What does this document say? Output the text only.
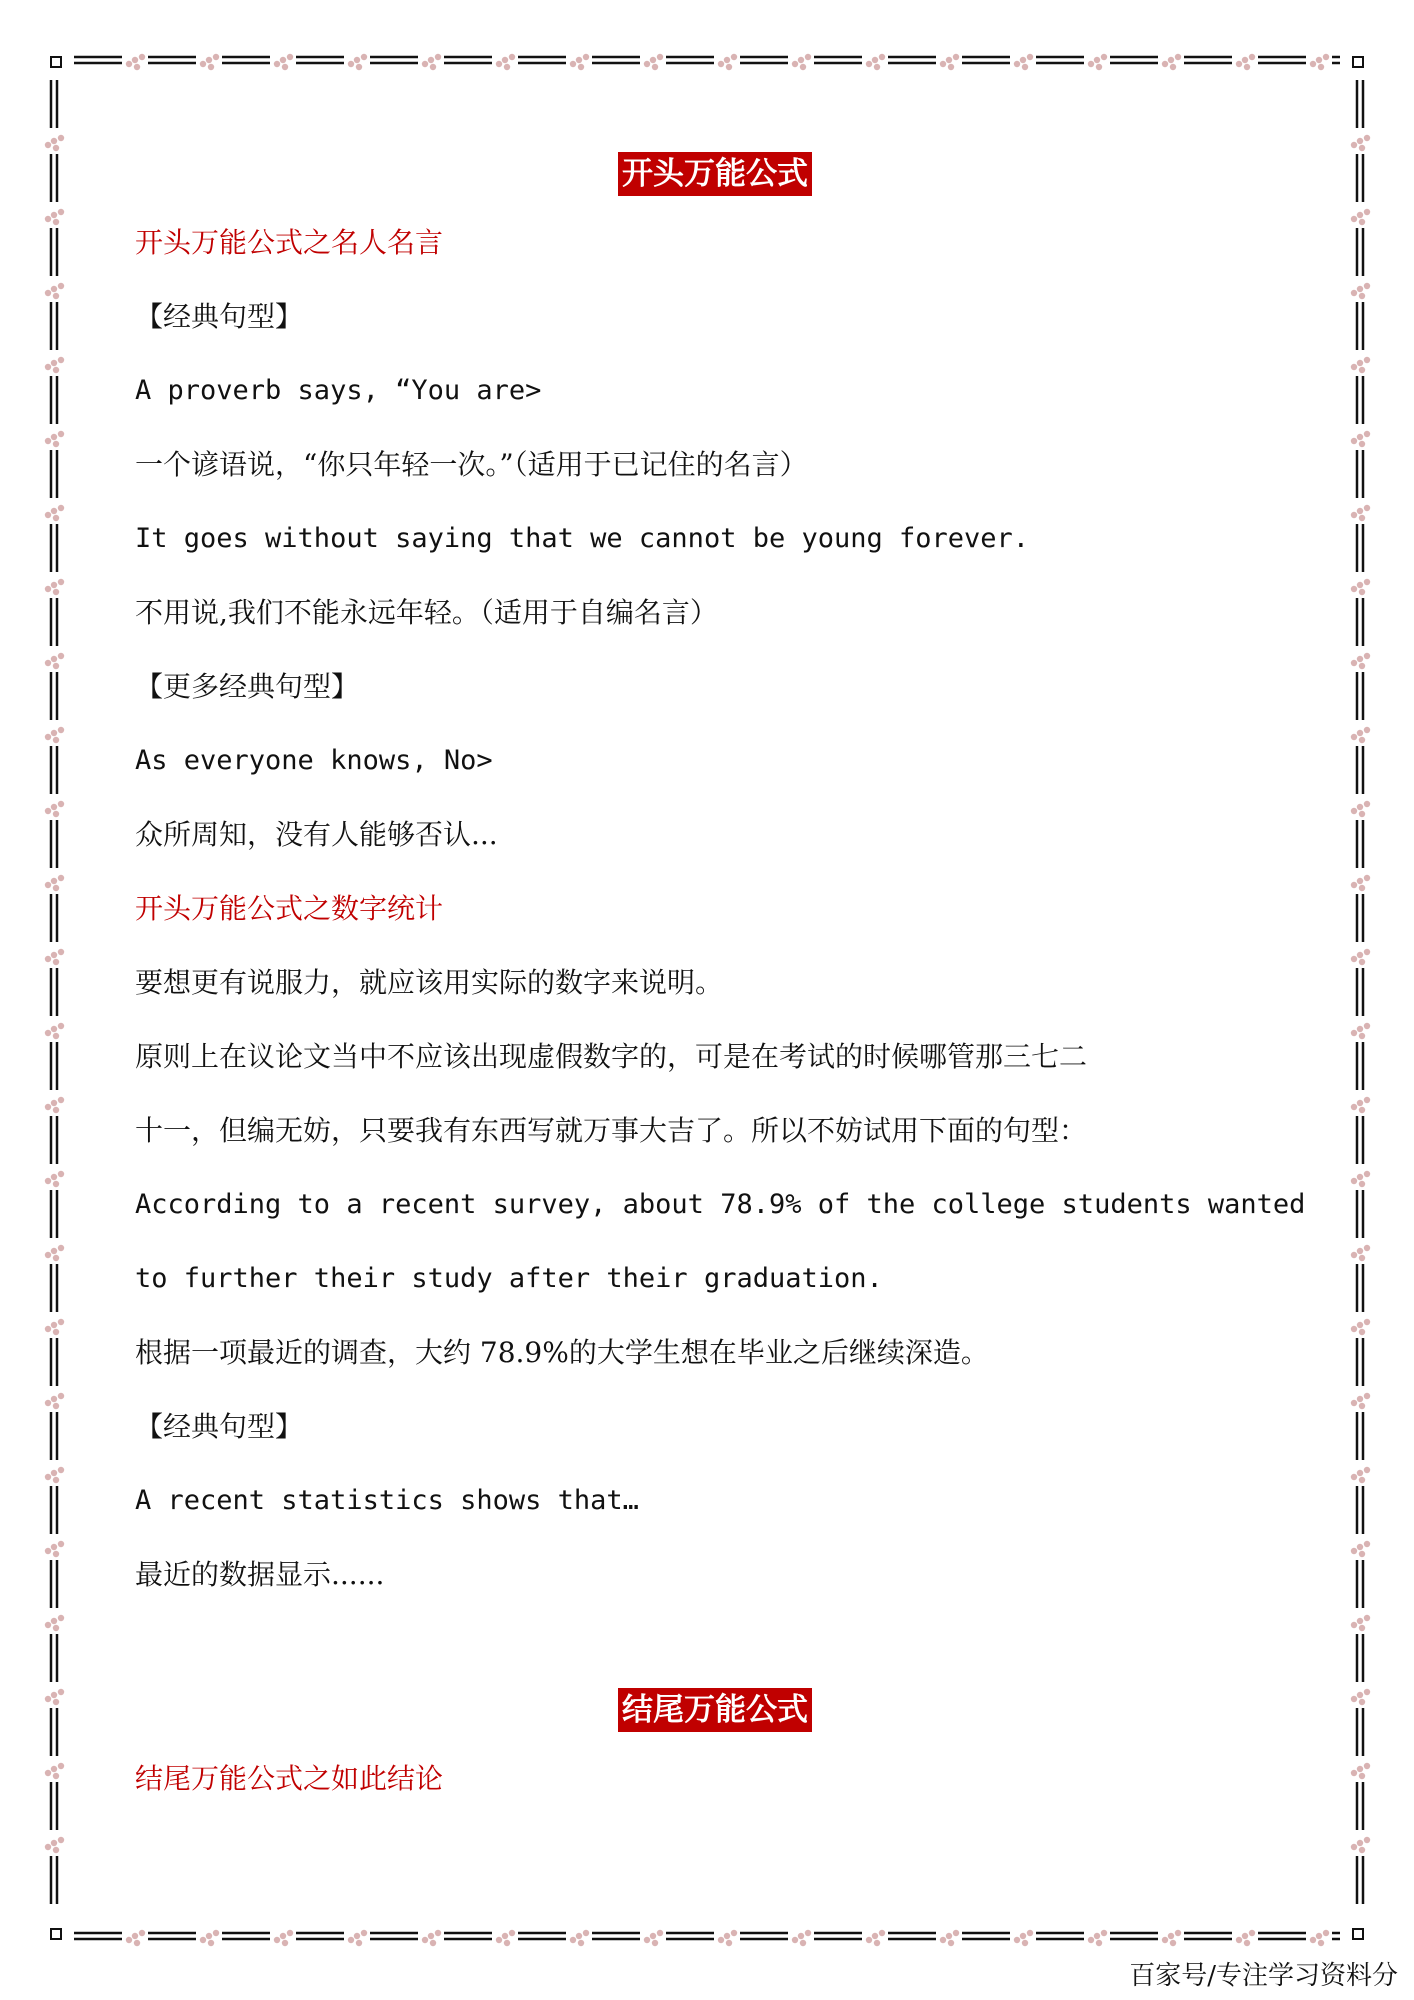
开头万能公式
开头万能公式之名人名言
【经典句型】
A proverb says, “You are>
一个谚语说，“你只年轻一次。”（适用于已记住的名言）
It goes without saying that we cannot be young forever.
不用说,我们不能永远年轻。（适用于自编名言）
【更多经典句型】
As everyone knows, No>
众所周知，没有人能够否认...
开头万能公式之数字统计
要想更有说服力，就应该用实际的数字来说明。
原则上在议论文当中不应该出现虚假数字的，可是在考试的时候哪管那三七二
十一，但编无妨，只要我有东西写就万事大吉了。所以不妨试用下面的句型：
According to a recent survey, about 78.9% of the college students wanted
to further their study after their graduation.
根据一项最近的调查，大约 78.9%的大学生想在毕业之后继续深造。
【经典句型】
A recent statistics shows that…
最近的数据显示......
结尾万能公式
结尾万能公式之如此结论
百家号/专注学习资料分
